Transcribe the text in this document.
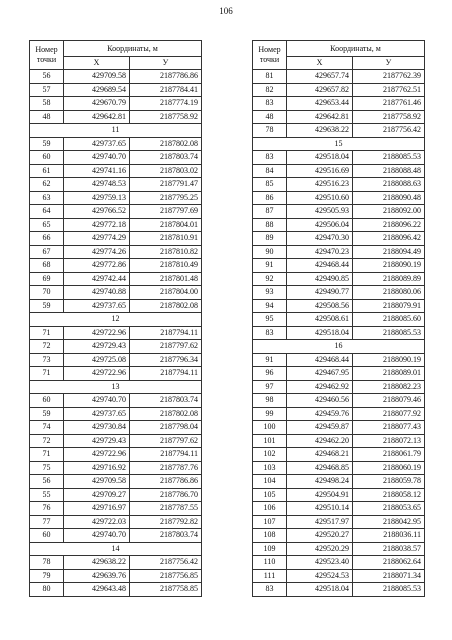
106
Номер точки	Координаты, м	
	X	У
56	429709.58	2187786.86
57	429689.54	2187784.41
58	429670.79	2187774.19
48	429642.81	2187758.92
11		
59	429737.65	2187802.08
60	429740.70	2187803.74
61	429741.16	2187803.02
62	429748.53	2187791.47
63	429759.13	2187795.25
64	429766.52	2187797.69
65	429772.18	2187804.01
66	429774.29	2187810.91
67	429774.26	2187810.82
68	429772.86	2187810.49
69	429742.44	2187801.48
70	429740.88	2187804.00
59	429737.65	2187802.08
12		
71	429722.96	2187794.11
72	429729.43	2187797.62
73	429725.08	2187796.34
71	429722.96	2187794.11
13		
60	429740.70	2187803.74
59	429737.65	2187802.08
74	429730.84	2187798.04
72	429729.43	2187797.62
71	429722.96	2187794.11
75	429716.92	2187787.76
56	429709.58	2187786.86
55	429709.27	2187786.70
76	429716.97	2187787.55
77	429722.03	2187792.82
60	429740.70	2187803.74
14		
78	429638.22	2187756.42
79	429639.76	2187756.85
80	429643.48	2187758.85
Номер точки	Координаты, м	
	X	У
81	429657.74	2187762.39
82	429657.82	2187762.51
83	429653.44	2187761.46
48	429642.81	2187758.92
78	429638.22	2187756.42
15		
83	429518.04	2188085.53
84	429516.69	2188088.48
85	429516.23	2188088.63
86	429510.60	2188090.48
87	429505.93	2188092.00
88	429506.04	2188096.22
89	429470.30	2188096.42
90	429470.23	2188094.49
91	429468.44	2188090.19
92	429490.85	2188089.89
93	429490.77	2188080.06
94	429508.56	2188079.91
95	429508.61	2188085.60
83	429518.04	2188085.53
16		
91	429468.44	2188090.19
96	429467.95	2188089.01
97	429462.92	2188082.23
98	429460.56	2188079.46
99	429459.76	2188077.92
100	429459.87	2188077.43
101	429462.20	2188072.13
102	429468.21	2188061.79
103	429468.85	2188060.19
104	429498.24	2188059.78
105	429504.91	2188058.12
106	429510.14	2188053.65
107	429517.97	2188042.95
108	429520.27	2188036.11
109	429520.29	2188038.57
110	429523.40	2188062.64
111	429524.53	2188071.34
83	429518.04	2188085.53
